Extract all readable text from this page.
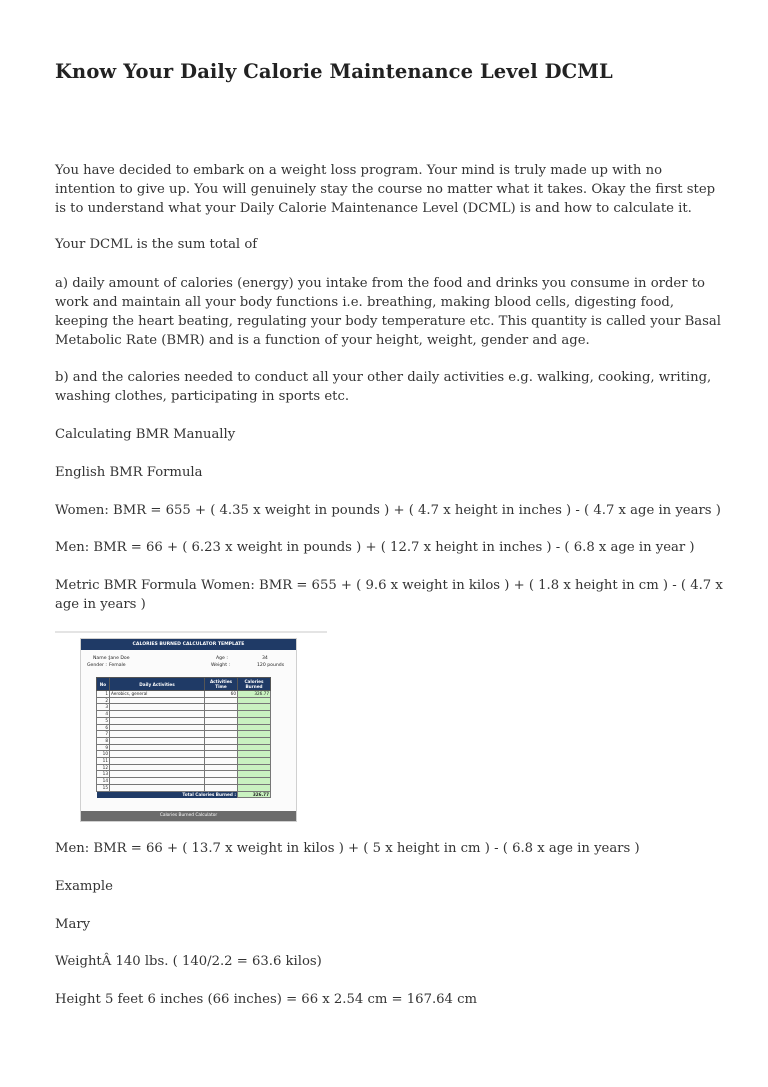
Know Your Daily Calorie Maintenance Level DCML

You have decided to embark on a weight loss program. Your mind is truly made up with no intention to give up. You will genuinely stay the course no matter what it takes. Okay the first step is to understand what your Daily Calorie Maintenance Level (DCML) is and how to calculate it.

Your DCML is the sum total of

a) daily amount of calories (energy) you intake from the food and drinks you consume in order to work and maintain all your body functions i.e. breathing, making blood cells, digesting food, keeping the heart beating, regulating your body temperature etc. This quantity is called your Basal Metabolic Rate (BMR) and is a function of your height, weight, gender and age.

b) and the calories needed to conduct all your other daily activities e.g. walking, cooking, writing, washing clothes, participating in sports etc.

Calculating BMR Manually

English BMR Formula

Women: BMR = 655 + ( 4.35 x weight in pounds ) + ( 4.7 x height in inches ) - ( 4.7 x age in years )

Men: BMR = 66 + ( 6.23 x weight in pounds ) + ( 12.7 x height in inches ) - ( 6.8 x age in year )

Metric BMR Formula Women: BMR = 655 + ( 9.6 x weight in kilos ) + ( 1.8 x height in cm ) - ( 4.7 x age in years )

CALORIES BURNED CALCULATOR TEMPLATE
Name : Jane Doe
Gender : Female
Age :	34
Weight :	120 pounds
No	Daily Activities	Activities Time	Calories Burned
1	Aerobics, general	60	326.77
2			
3			
4			
5			
6			
7			
8			
9			
10			
11			
12			
13			
14			
15			
	Total Calories Burned :		326.77
Calories Burned Calculator

Men: BMR = 66 + ( 13.7 x weight in kilos ) + ( 5 x height in cm ) - ( 6.8 x age in years )

Example

Mary

WeightÂ 140 lbs. ( 140/2.2 = 63.6 kilos)

Height 5 feet 6 inches (66 inches) = 66 x 2.54 cm = 167.64 cm
